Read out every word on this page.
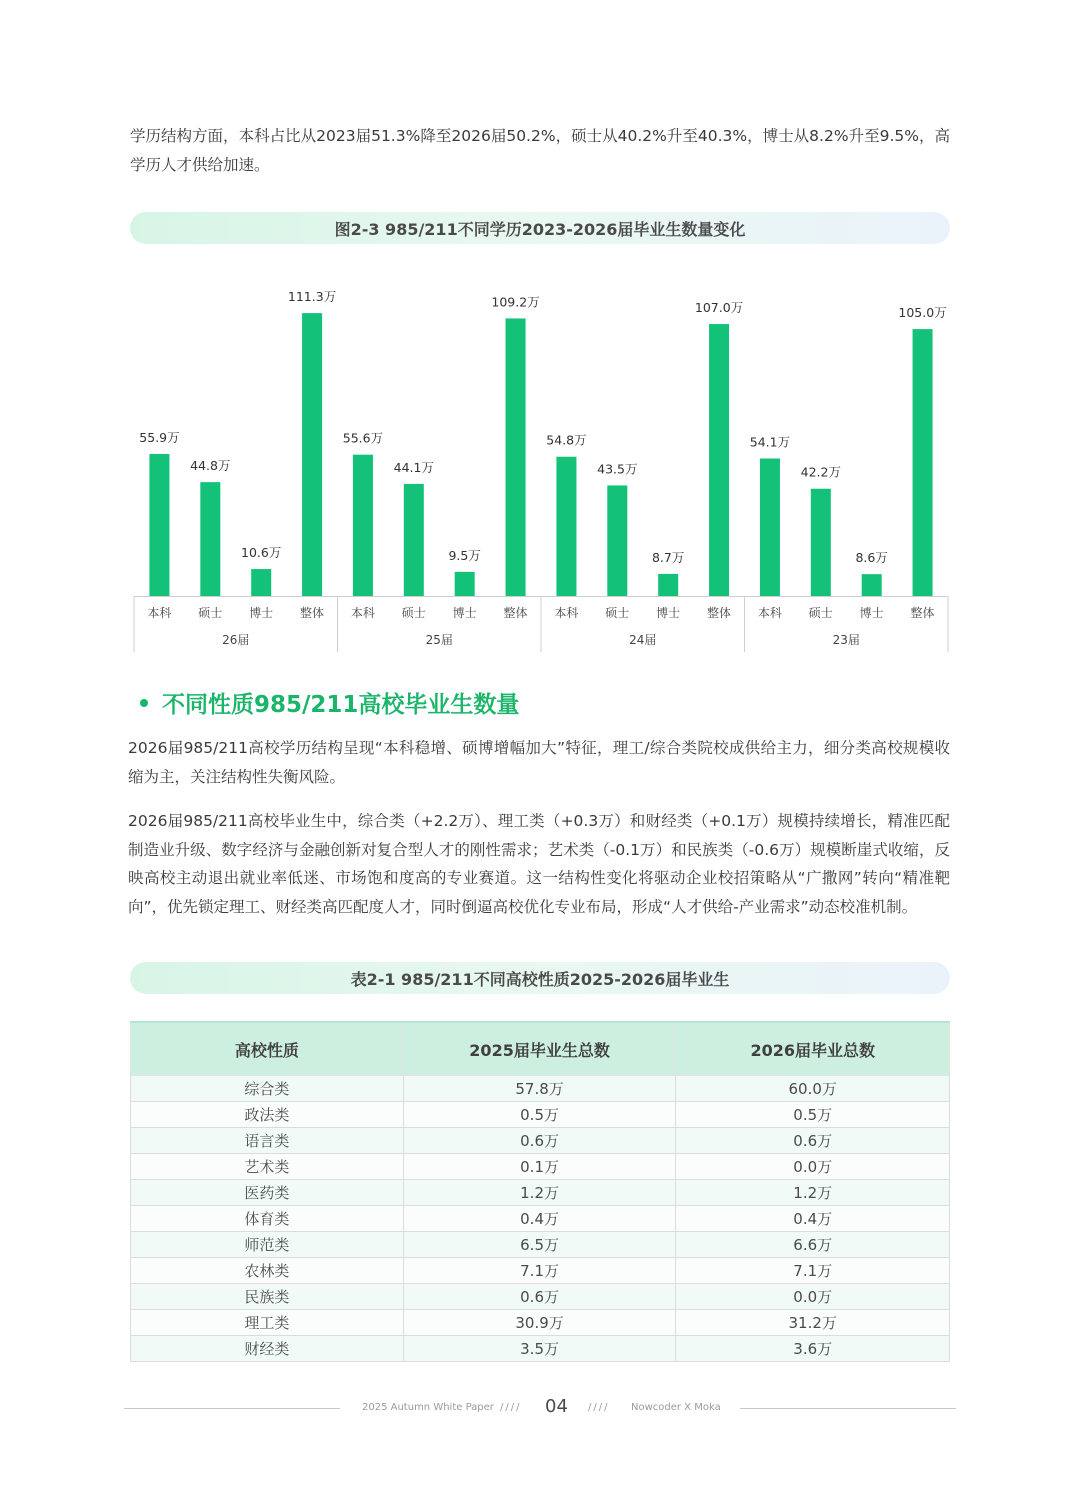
学历结构方面，本科占比从2023届51.3%降至2026届50.2%，硕士从40.2%升至40.3%，博士从8.2%升至9.5%，高学历人才供给加速。

图2-3 985/211不同学历2023-2026届毕业生数量变化
55.9万
本科
44.8万
硕士
10.6万
博士
111.3万
整体
26届
55.6万
本科
44.1万
硕士
9.5万
博士
109.2万
整体
25届
54.8万
本科
43.5万
硕士
8.7万
博士
107.0万
整体
24届
54.1万
本科
42.2万
硕士
8.6万
博士
105.0万
整体
23届
不同性质985/211高校毕业生数量

2026届985/211高校学历结构呈现“本科稳增、硕博增幅加大”特征，理工/综合类院校成供给主力，细分类高校规模收缩为主，关注结构性失衡风险。

2026届985/211高校毕业生中，综合类（+2.2万）、理工类（+0.3万）和财经类（+0.1万）规模持续增长，精准匹配制造业升级、数字经济与金融创新对复合型人才的刚性需求；艺术类（-0.1万）和民族类（-0.6万）规模断崖式收缩，反映高校主动退出就业率低迷、市场饱和度高的专业赛道。这一结构性变化将驱动企业校招策略从“广撒网”转向“精准靶向”，优先锁定理工、财经类高匹配度人才，同时倒逼高校优化专业布局，形成“人才供给-产业需求”动态校准机制。

表2-1 985/211不同高校性质2025-2026届毕业生
高校性质	2025届毕业生总数	2026届毕业总数
综合类	57.8万	60.0万
政法类	0.5万	0.5万
语言类	0.6万	0.6万
艺术类	0.1万	0.0万
医药类	1.2万	1.2万
体育类	0.4万	0.4万
师范类	6.5万	6.6万
农林类	7.1万	7.1万
民族类	0.6万	0.0万
理工类	30.9万	31.2万
财经类	3.5万	3.6万
2025 Autumn White Paper //// 04 //// Nowcoder X Moka
